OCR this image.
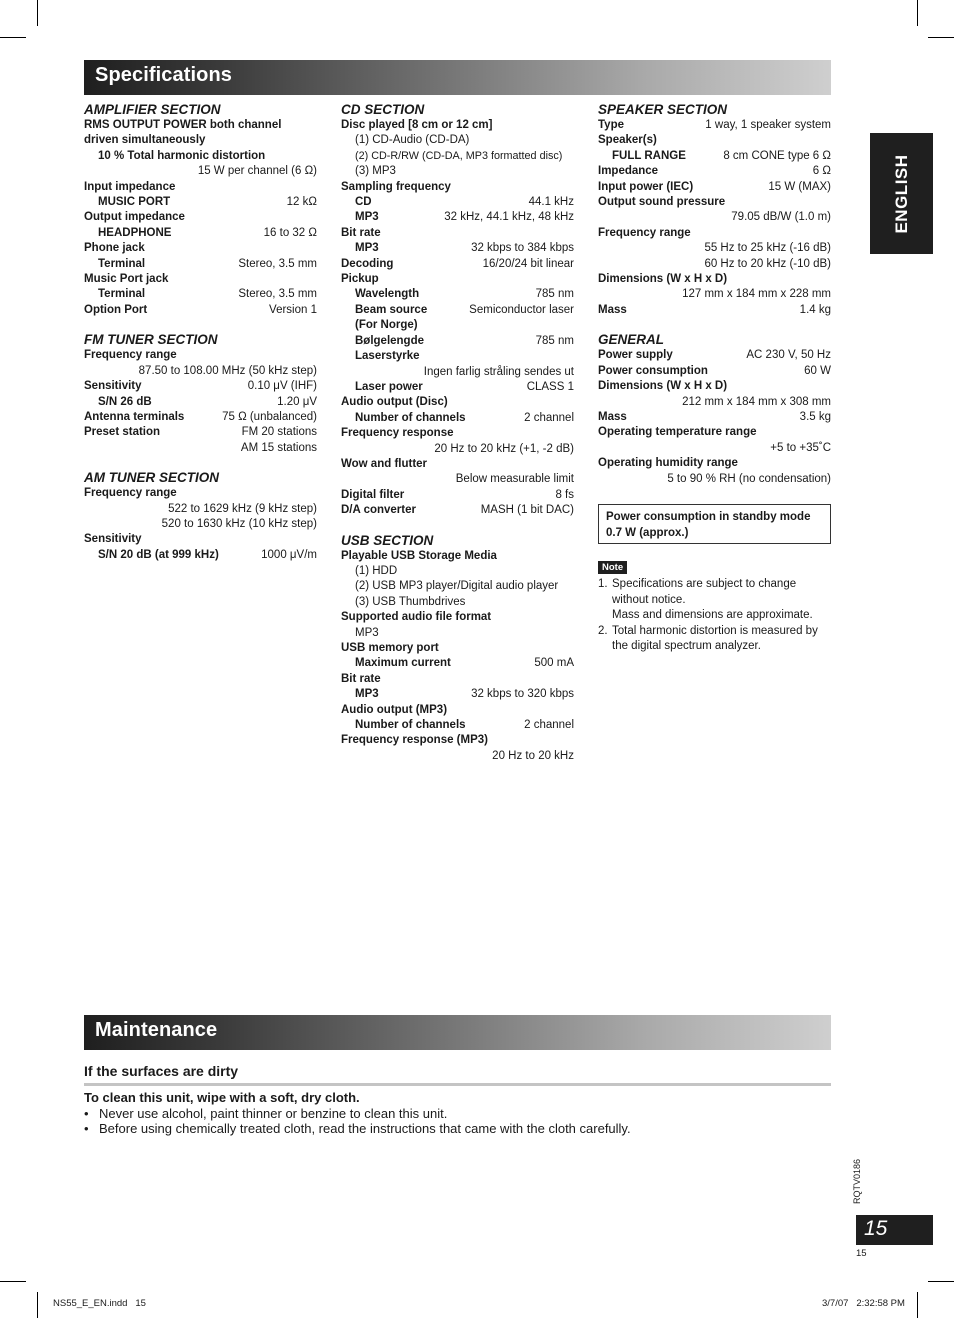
Specifications
ENGLISH
AMPLIFIER SECTION
RMS OUTPUT POWER both channel
driven simultaneously
10 % Total harmonic distortion
15 W per channel (6 Ω)
Input impedance
MUSIC PORT	12 kΩ
Output impedance
HEADPHONE	16 to 32 Ω
Phone jack
Terminal	Stereo, 3.5 mm
Music Port jack
Terminal	Stereo, 3.5 mm
Option Port	Version 1
FM TUNER SECTION
Frequency range
87.50 to 108.00 MHz (50 kHz step)
Sensitivity	0.10 μV (IHF)
S/N 26 dB	1.20 μV
Antenna terminals	75 Ω (unbalanced)
Preset station	FM 20 stations
AM 15 stations
AM TUNER SECTION
Frequency range
522 to 1629 kHz (9 kHz step)
520 to 1630 kHz (10 kHz step)
Sensitivity
S/N 20 dB (at 999 kHz)	1000 μV/m
CD SECTION
Disc played [8 cm or 12 cm]
(1) CD-Audio (CD-DA)
(2) CD-R/RW (CD-DA, MP3 formatted disc)
(3) MP3
Sampling frequency
CD	44.1 kHz
MP3	32 kHz, 44.1 kHz, 48 kHz
Bit rate
MP3	32 kbps to 384 kbps
Decoding	16/20/24 bit linear
Pickup
Wavelength	785 nm
Beam source	Semiconductor laser
(For Norge)
Bølgelengde	785 nm
Laserstyrke
Ingen farlig stråling sendes ut
Laser power	CLASS 1
Audio output (Disc)
Number of channels	2 channel
Frequency response
20 Hz to 20 kHz (+1, -2 dB)
Wow and flutter
Below measurable limit
Digital filter	8 fs
D/A converter	MASH (1 bit DAC)
USB SECTION
Playable USB Storage Media
(1) HDD
(2) USB MP3 player/Digital audio player
(3) USB Thumbdrives
Supported audio file format
MP3
USB memory port
Maximum current	500 mA
Bit rate
MP3	32 kbps to 320 kbps
Audio output (MP3)
Number of channels	2 channel
Frequency response (MP3)
20 Hz to 20 kHz
SPEAKER SECTION
Type	1 way, 1 speaker system
Speaker(s)
FULL RANGE	8 cm CONE type 6 Ω
Impedance	6 Ω
Input power (IEC)	15 W (MAX)
Output sound pressure
79.05 dB/W (1.0 m)
Frequency range
55 Hz to 25 kHz (-16 dB)
60 Hz to 20 kHz (-10 dB)
Dimensions (W x H x D)
127 mm x 184 mm x 228 mm
Mass	1.4 kg
GENERAL
Power supply	AC 230 V, 50 Hz
Power consumption	60 W
Dimensions (W x H x D)
212 mm x 184 mm x 308 mm
Mass	3.5 kg
Operating temperature range
+5 to +35˚C
Operating humidity range
5 to 90 % RH (no condensation)
Power consumption in standby mode
0.7 W (approx.)
Note
1. Specifications are subject to change
without notice.
Mass and dimensions are approximate.
2. Total harmonic distortion is measured by
the digital spectrum analyzer.
Maintenance
If the surfaces are dirty
To clean this unit, wipe with a soft, dry cloth.
• Never use alcohol, paint thinner or benzine to clean this unit.
• Before using chemically treated cloth, read the instructions that came with the cloth carefully.
RQTV0186
15
15
NS55_E_EN.indd   15	3/7/07   2:32:58 PM
